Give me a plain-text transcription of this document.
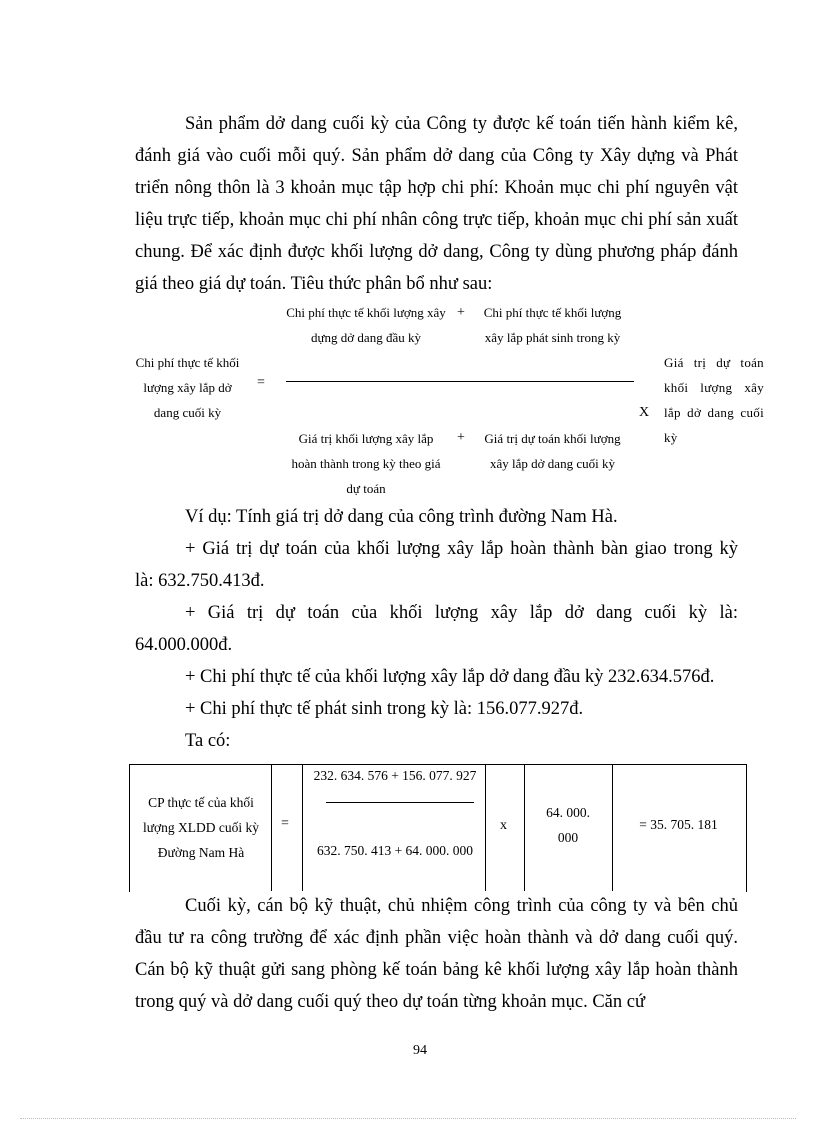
Sản phẩm dở dang cuối kỳ của Công ty được kế toán tiến hành kiểm kê, đánh giá vào cuối mỗi quý. Sản phẩm dở dang của Công ty Xây dựng và Phát triển nông thôn là 3 khoản mục tập hợp chi phí: Khoản mục chi phí nguyên vật liệu trực tiếp, khoản mục chi phí nhân công trực tiếp, khoản mục chi phí sản xuất chung. Để xác định được khối lượng dở dang, Công ty dùng phương pháp đánh giá theo giá dự toán. Tiêu thức phân bổ như sau:

Chi phí thực tế khối lượng xây lắp dở dang cuối kỳ
=
Chi phí thực tế khối lượng xây dựng dở dang đầu kỳ
+ Chi phí thực tế khối lượng xây lắp phát sinh trong kỳ
Giá trị khối lượng xây lắp hoàn thành trong kỳ theo giá dự toán
+	Giá trị dự toán khối lượng xây lắp dở dang cuối kỳ
X
Giá trị dự toán khối lượng xây lắp dở dang cuối kỳ
Ví dụ: Tính giá trị dở dang của công trình đường Nam Hà.
+ Giá trị dự toán của khối lượng xây lắp hoàn thành bàn giao trong kỳ
là: 632.750.413đ.
+ Giá trị dự toán của khối lượng xây lắp dở dang cuối kỳ là:
64.000.000đ.
+ Chi phí thực tế của khối lượng xây lắp dở dang đầu kỳ 232.634.576đ.
+ Chi phí thực tế phát sinh trong kỳ là: 156.077.927đ.
Ta có:
CP thực tế của khối lượng XLDD cuối kỳ Đường Nam Hà
=
232. 634. 576 + 156. 077. 927
632. 750. 413 + 64. 000. 000
x
64. 000. 000
= 35. 705. 181

Cuối kỳ, cán bộ kỹ thuật, chủ nhiệm công trình của công ty và bên chủ đầu tư ra công trường để xác định phần việc hoàn thành và dở dang cuối quý. Cán bộ kỹ thuật gửi sang phòng kế toán bảng kê khối lượng xây lắp hoàn thành trong quý và dở dang cuối quý theo dự toán từng khoản mục. Căn cứ

94
